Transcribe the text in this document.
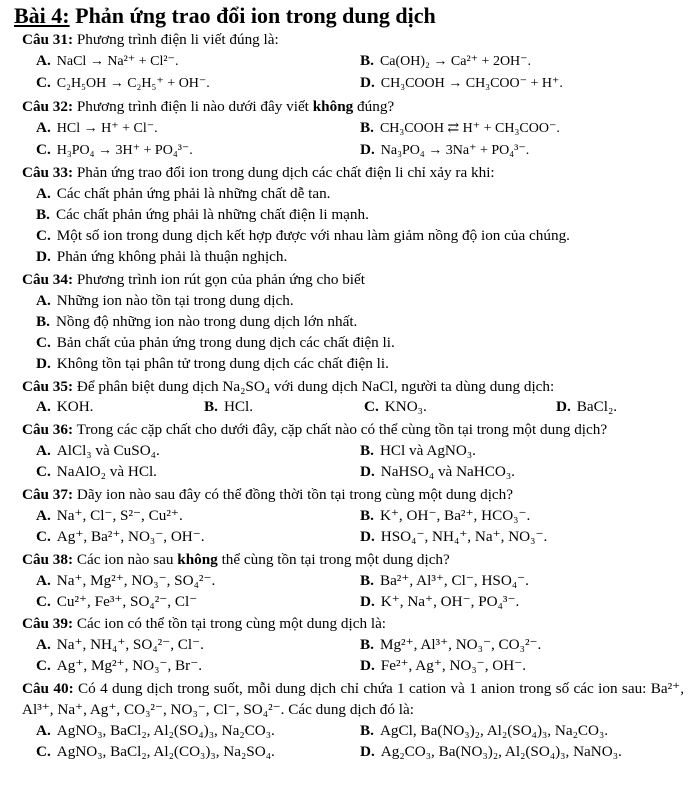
Bài 4: Phản ứng trao đổi ion trong dung dịch
Câu 31: Phương trình điện li viết đúng là:
A. NaCl → Na²⁺ + Cl²⁻.	B. Ca(OH)₂ → Ca²⁺ + 2OH⁻.
C. C₂H₅OH → C₂H₅⁺ + OH⁻.	D. CH₃COOH → CH₃COO⁻ + H⁺.
Câu 32: Phương trình điện li nào dưới đây viết không đúng?
A. HCl → H⁺ + Cl⁻.	B. CH₃COOH ⇄ H⁺ + CH₃COO⁻.
C. H₃PO₄ → 3H⁺ + PO₄³⁻.	D. Na₃PO₄ → 3Na⁺ + PO₄³⁻.
Câu 33: Phản ứng trao đổi ion trong dung dịch các chất điện li chỉ xảy ra khi:
A. Các chất phản ứng phải là những chất dễ tan.
B. Các chất phản ứng phải là những chất điện li mạnh.
C. Một số ion trong dung dịch kết hợp được với nhau làm giảm nồng độ ion của chúng.
D. Phản ứng không phải là thuận nghịch.
Câu 34: Phương trình ion rút gọn của phản ứng cho biết
A. Những ion nào tồn tại trong dung dịch.
B. Nồng độ những ion nào trong dung dịch lớn nhất.
C. Bản chất của phản ứng trong dung dịch các chất điện li.
D. Không tồn tại phân tử trong dung dịch các chất điện li.
Câu 35: Để phân biệt dung dịch Na₂SO₄ với dung dịch NaCl, người ta dùng dung dịch:
A. KOH.	B. HCl.	C. KNO₃.	D. BaCl₂.
Câu 36: Trong các cặp chất cho dưới đây, cặp chất nào có thể cùng tồn tại trong một dung dịch?
A. AlCl₃ và CuSO₄.	B. HCl và AgNO₃.
C. NaAlO₂ và HCl.	D. NaHSO₄ và NaHCO₃.
Câu 37: Dãy ion nào sau đây có thể đồng thời tồn tại trong cùng một dung dịch?
A. Na⁺, Cl⁻, S²⁻, Cu²⁺.	B. K⁺, OH⁻, Ba²⁺, HCO₃⁻.
C. Ag⁺, Ba²⁺, NO₃⁻, OH⁻.	D. HSO₄⁻, NH₄⁺, Na⁺, NO₃⁻.
Câu 38: Các ion nào sau không thể cùng tồn tại trong một dung dịch?
A. Na⁺, Mg²⁺, NO₃⁻, SO₄²⁻.	B. Ba²⁺, Al³⁺, Cl⁻, HSO₄⁻.
C. Cu²⁺, Fe³⁺, SO₄²⁻, Cl⁻	D. K⁺, Na⁺, OH⁻, PO₄³⁻.
Câu 39: Các ion có thể tồn tại trong cùng một dung dịch là:
A. Na⁺, NH₄⁺, SO₄²⁻, Cl⁻.	B. Mg²⁺, Al³⁺, NO₃⁻, CO₃²⁻.
C. Ag⁺, Mg²⁺, NO₃⁻, Br⁻.	D. Fe²⁺, Ag⁺, NO₃⁻, OH⁻.
Câu 40: Có 4 dung dịch trong suốt, mỗi dung dịch chỉ chứa 1 cation và 1 anion trong số các ion sau: Ba²⁺, Al³⁺, Na⁺, Ag⁺, CO₃²⁻, NO₃⁻, Cl⁻, SO₄²⁻. Các dung dịch đó là:
A. AgNO₃, BaCl₂, Al₂(SO₄)₃, Na₂CO₃.	B. AgCl, Ba(NO₃)₂, Al₂(SO₄)₃, Na₂CO₃.
C. AgNO₃, BaCl₂, Al₂(CO₃)₃, Na₂SO₄.	D. Ag₂CO₃, Ba(NO₃)₂, Al₂(SO₄)₃, NaNO₃.
